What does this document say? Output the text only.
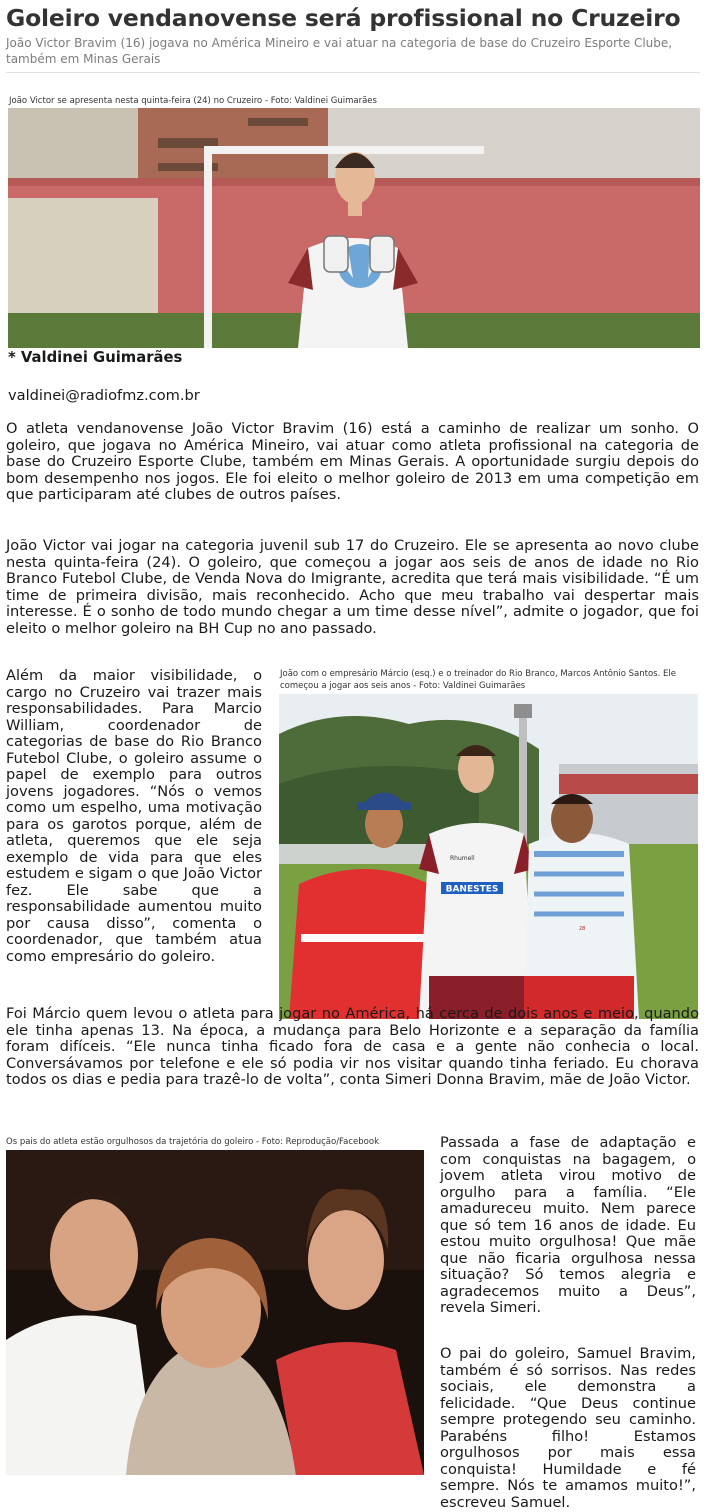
Goleiro vendanovense será profissional no Cruzeiro

João Victor Bravim (16) jogava no América Mineiro e vai atuar na categoria de base do Cruzeiro Esporte Clube, também em Minas Gerais

João Victor se apresenta nesta quinta-feira (24) no Cruzeiro - Foto: Valdinei Guimarães
* Valdinei Guimarães
valdinei@radiofmz.com.br

O atleta vendanovense João Victor Bravim (16) está a caminho de realizar um sonho. O goleiro, que jogava no América Mineiro, vai atuar como atleta profissional na categoria de base do Cruzeiro Esporte Clube, também em Minas Gerais. A oportunidade surgiu depois do bom desempenho nos jogos. Ele foi eleito o melhor goleiro de 2013 em uma competição em que participaram até clubes de outros países.

João Victor vai jogar na categoria juvenil sub 17 do Cruzeiro. Ele se apresenta ao novo clube nesta quinta-feira (24). O goleiro, que começou a jogar aos seis de anos de idade no Rio Branco Futebol Clube, de Venda Nova do Imigrante, acredita que terá mais visibilidade. “É um time de primeira divisão, mais reconhecido. Acho que meu trabalho vai despertar mais interesse. É o sonho de todo mundo chegar a um time desse nível”, admite o jogador, que foi eleito o melhor goleiro na BH Cup no ano passado.

João com o empresário Márcio (esq.) e o treinador do Rio Branco, Marcos Antônio Santos. Ele começou a jogar aos seis anos - Foto: Valdinei Guimarães
BANESTES
Rhumell
28

Além da maior visibilidade, o cargo no Cruzeiro vai trazer mais responsabilidades. Para Marcio William, coordenador de categorias de base do Rio Branco Futebol Clube, o goleiro assume o papel de exemplo para outros jovens jogadores. “Nós o vemos como um espelho, uma motivação para os garotos porque, além de atleta, queremos que ele seja exemplo de vida para que eles estudem e sigam o que João Victor fez. Ele sabe que a responsabilidade aumentou muito por causa disso”, comenta o coordenador, que também atua como empresário do goleiro.

Foi Márcio quem levou o atleta para jogar no América, há cerca de dois anos e meio, quando ele tinha apenas 13. Na época, a mudança para Belo Horizonte e a separação da família foram difíceis. “Ele nunca tinha ficado fora de casa e a gente não conhecia o local. Conversávamos por telefone e ele só podia vir nos visitar quando tinha feriado. Eu chorava todos os dias e pedia para trazê-lo de volta”, conta Simeri Donna Bravim, mãe de João Victor.

Os pais do atleta estão orgulhosos da trajetória do goleiro - Foto: Reprodução/Facebook	Passada a fase de adaptação e com conquistas na bagagem, o jovem atleta virou motivo de orgulho para a família. “Ele amadureceu muito. Nem parece que só tem 16 anos de idade. Eu estou muito orgulhosa! Que mãe que não ficaria orgulhosa nessa situação? Só temos alegria e agradecemos muito a Deus”, revela Simeri.

O pai do goleiro, Samuel Bravim, também é só sorrisos. Nas redes sociais, ele demonstra a felicidade. “Que Deus continue sempre protegendo seu caminho. Parabéns filho! Estamos orgulhosos por mais essa conquista! Humildade e fé sempre. Nós te amamos muito!”, escreveu Samuel.
